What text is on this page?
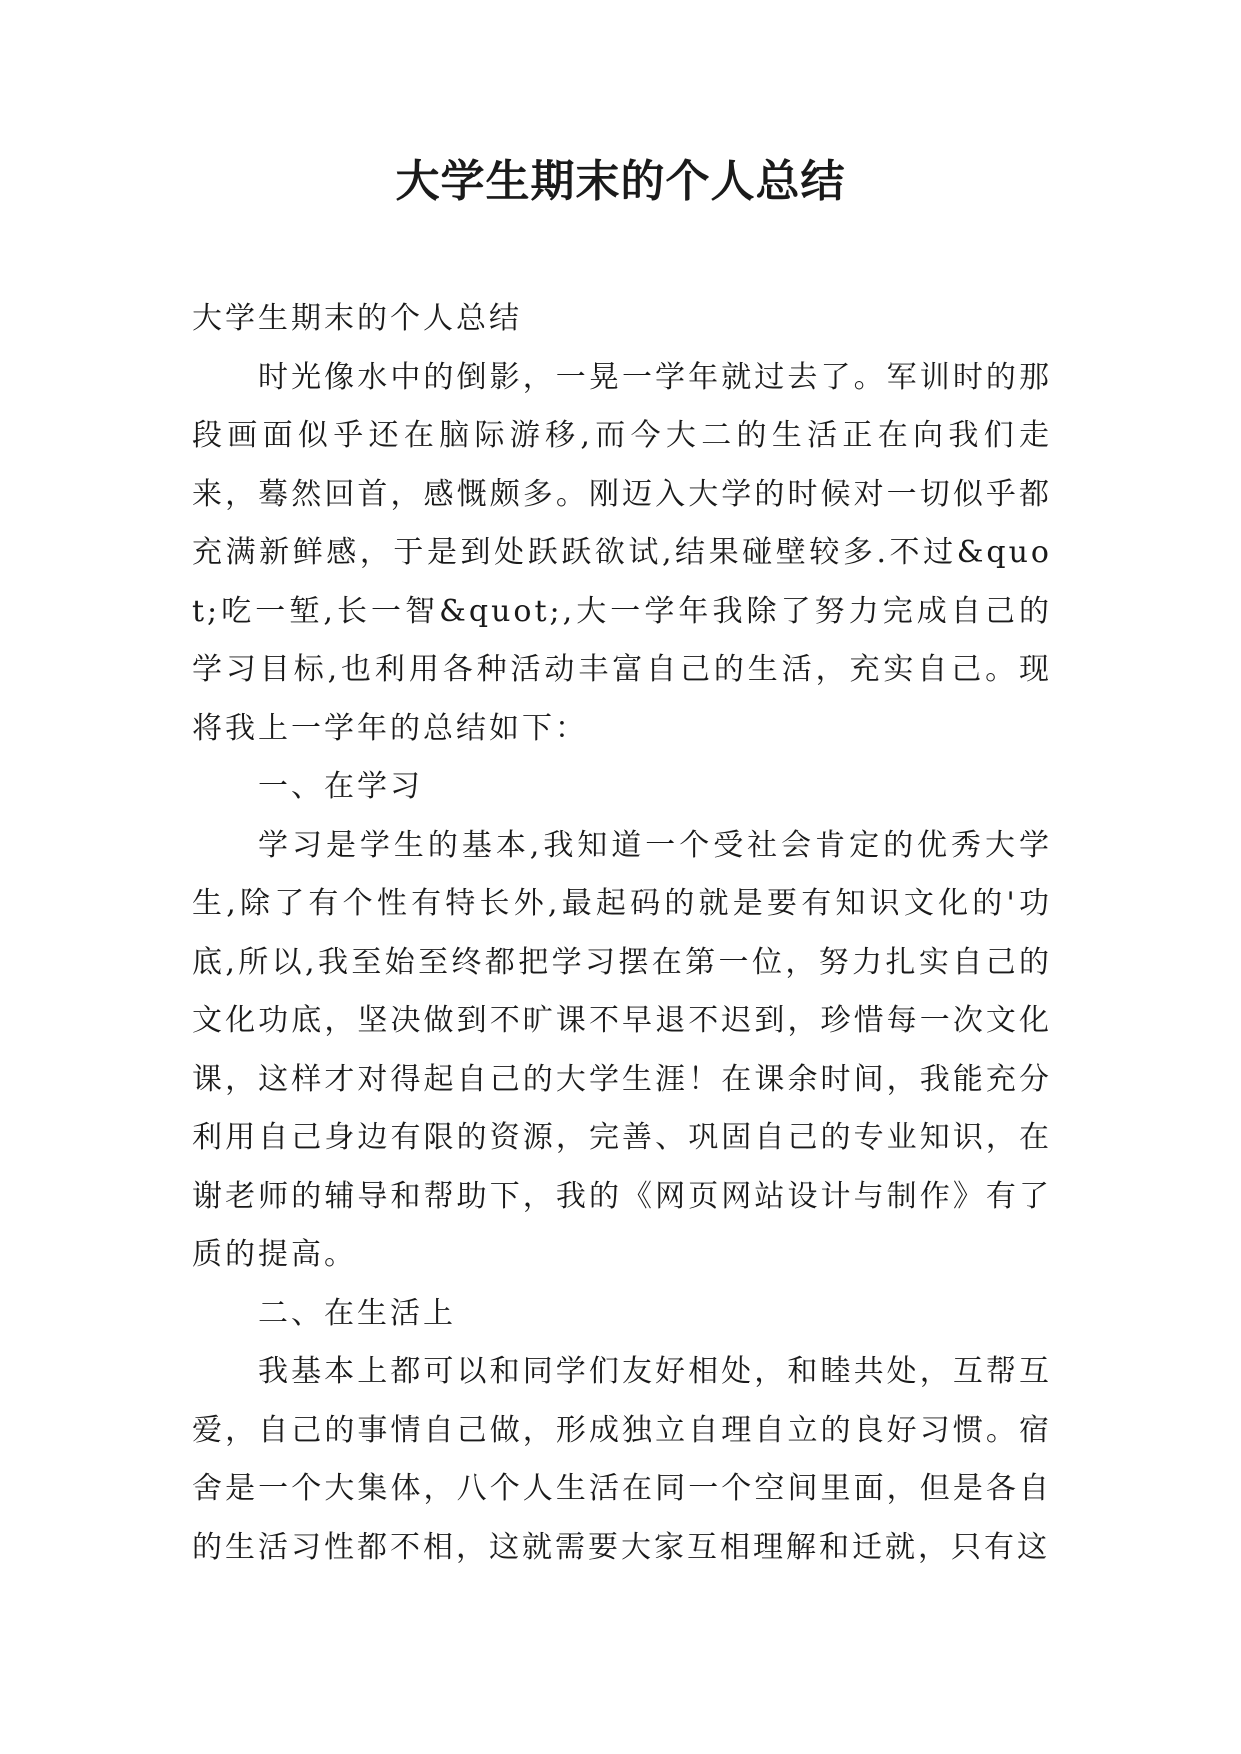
大学生期末的个人总结

大学生期末的个人总结

时光像水中的倒影，一晃一学年就过去了。军训时的那段画面似乎还在脑际游移,而今大二的生活正在向我们走来，蓦然回首，感慨颇多。刚迈入大学的时候对一切似乎都充满新鲜感，于是到处跃跃欲试,结果碰壁较多.不过&quot;吃一堑,长一智&quot;,大一学年我除了努力完成自己的学习目标,也利用各种活动丰富自己的生活，充实自己。现将我上一学年的总结如下：

一、在学习

学习是学生的基本,我知道一个受社会肯定的优秀大学生,除了有个性有特长外,最起码的就是要有知识文化的'功底,所以,我至始至终都把学习摆在第一位，努力扎实自己的文化功底，坚决做到不旷课不早退不迟到，珍惜每一次文化课，这样才对得起自己的大学生涯！在课余时间，我能充分利用自己身边有限的资源，完善、巩固自己的专业知识，在谢老师的辅导和帮助下，我的《网页网站设计与制作》有了质的提高。

二、在生活上

我基本上都可以和同学们友好相处，和睦共处，互帮互爱，自己的事情自己做，形成独立自理自立的良好习惯。宿舍是一个大集体，八个人生活在同一个空间里面，但是各自的生活习性都不相，这就需要大家互相理解和迁就，只有这
